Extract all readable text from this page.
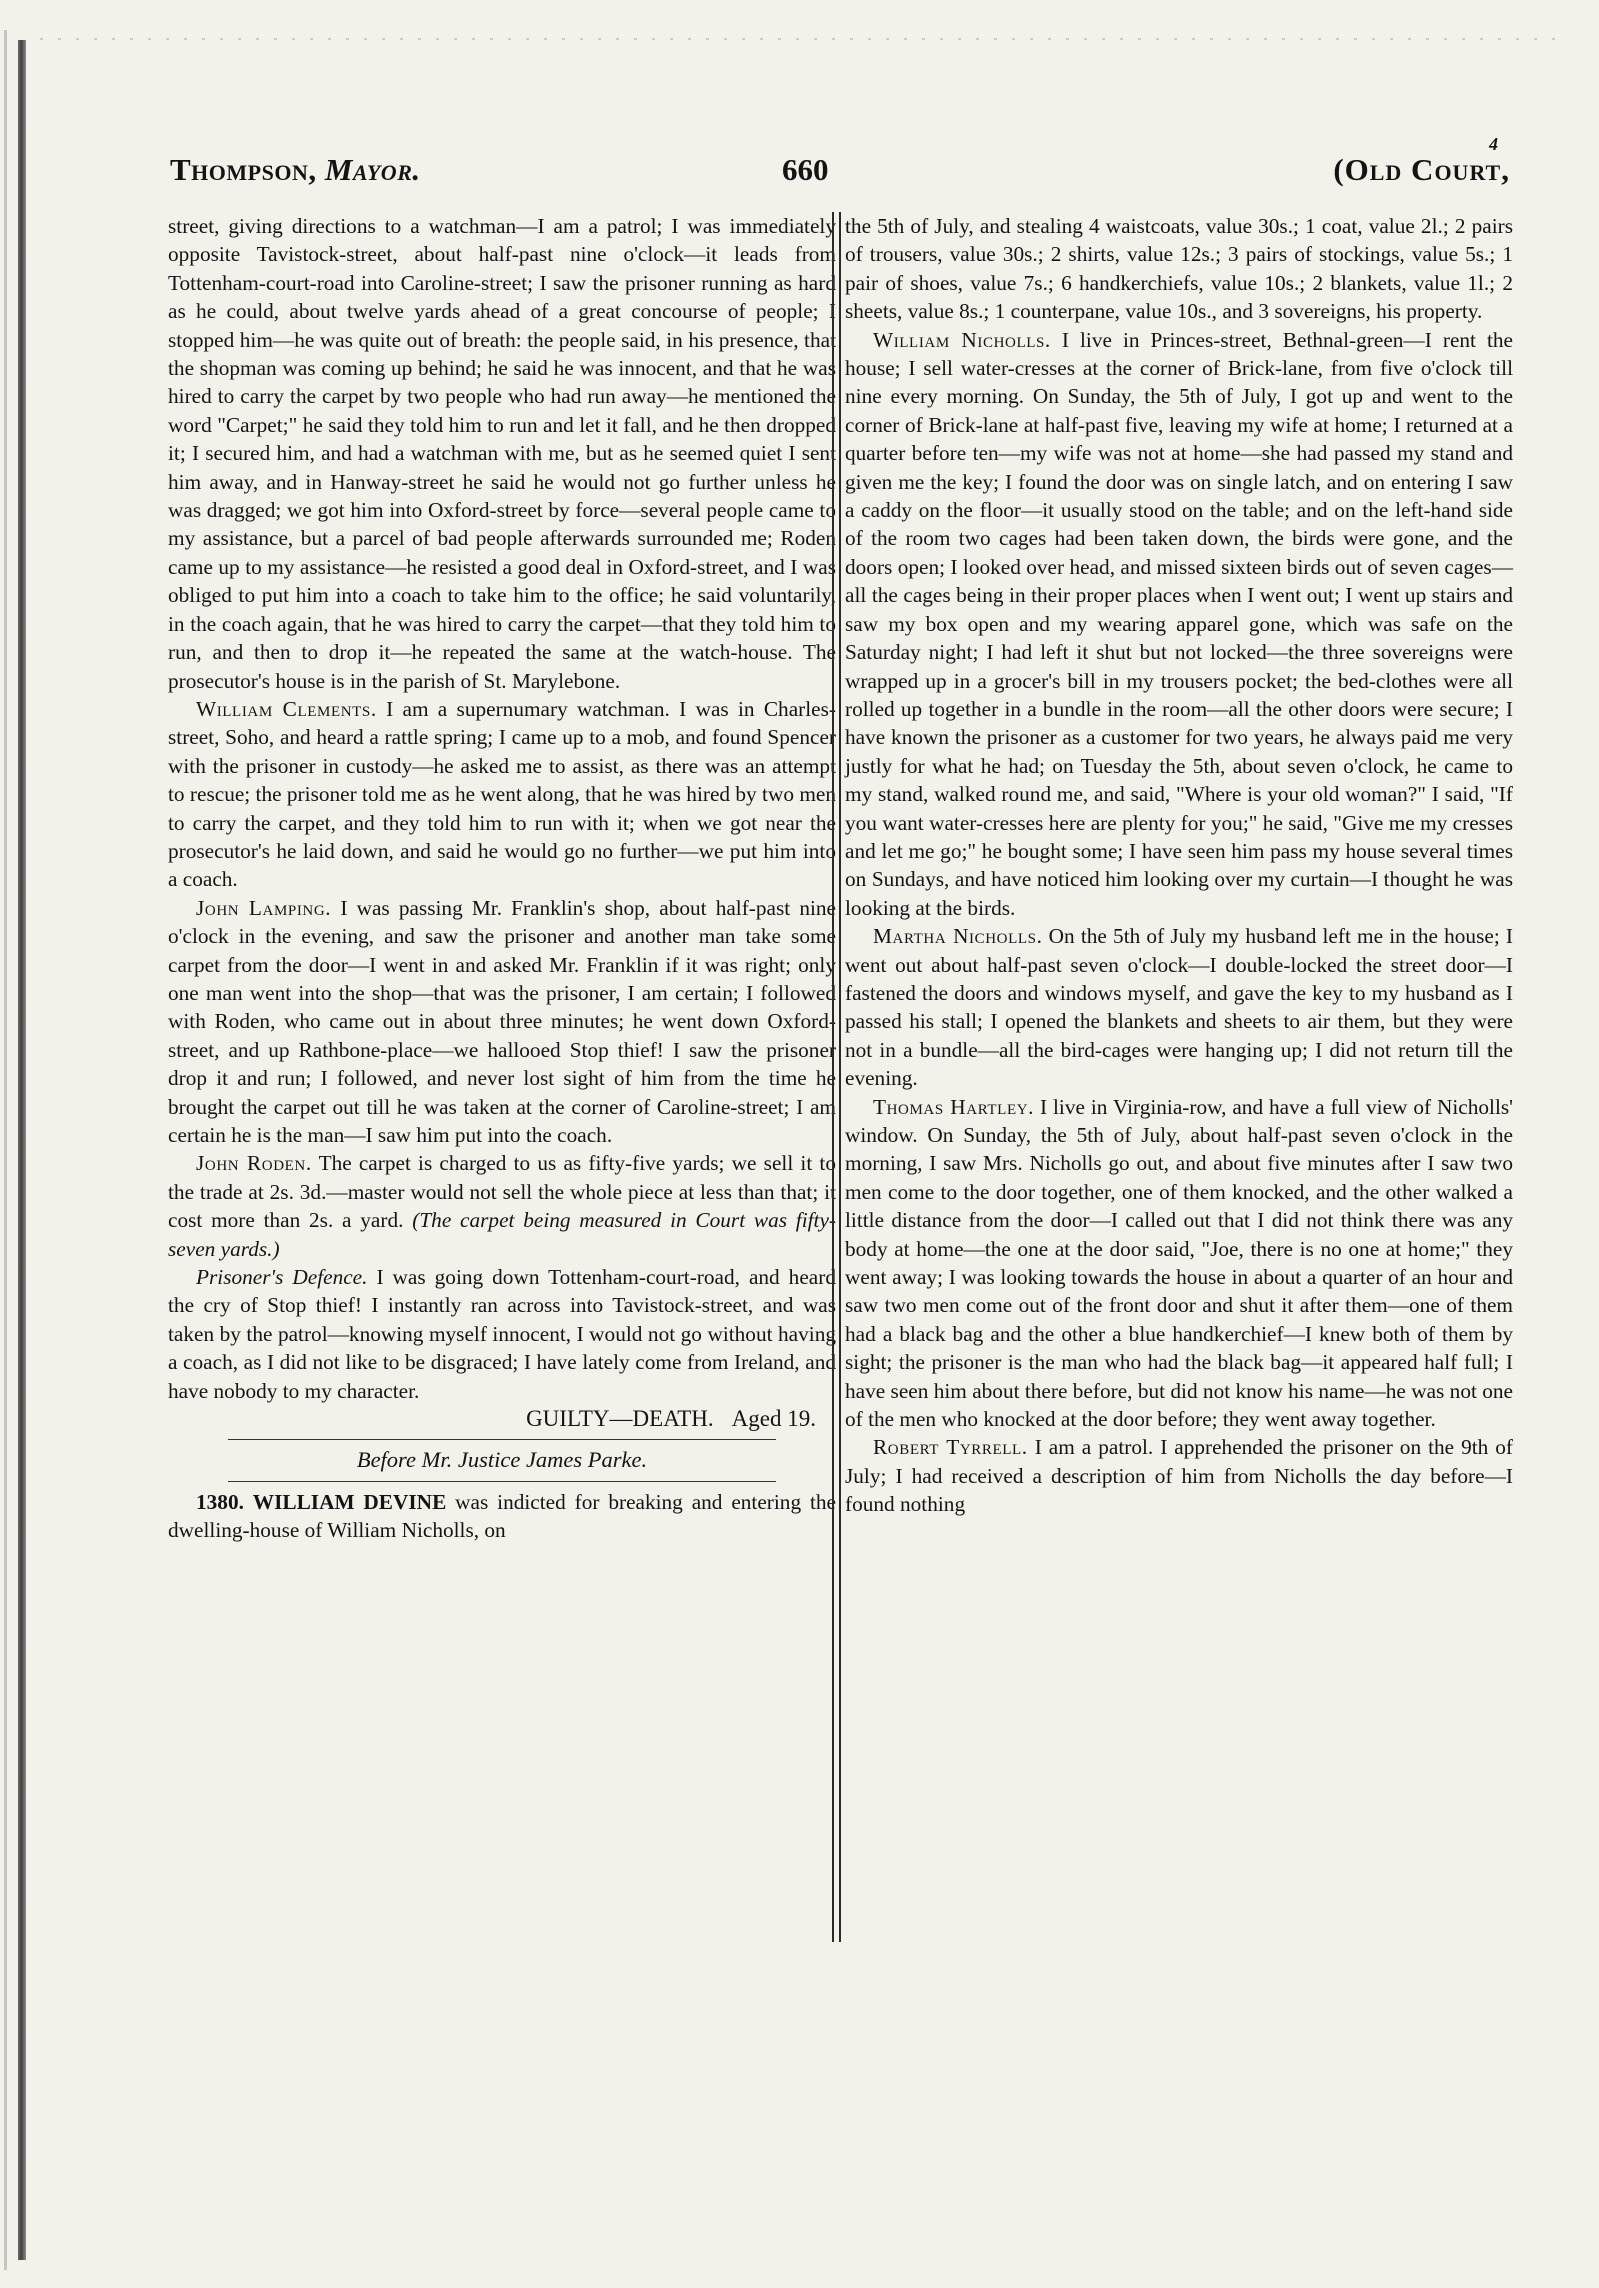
Thompson, Mayor.	660	(Old Court,
4

street, giving directions to a watchman—I am a patrol; I was immediately opposite Tavistock-street, about half-past nine o'clock—it leads from Tottenham-court-road into Caroline-street; I saw the prisoner running as hard as he could, about twelve yards ahead of a great concourse of people; I stopped him—he was quite out of breath: the people said, in his presence, that the shopman was coming up behind; he said he was innocent, and that he was hired to carry the carpet by two people who had run away—he mentioned the word "Carpet;" he said they told him to run and let it fall, and he then dropped it; I secured him, and had a watchman with me, but as he seemed quiet I sent him away, and in Hanway-street he said he would not go further unless he was dragged; we got him into Oxford-street by force—several people came to my assistance, but a parcel of bad people afterwards surrounded me; Roden came up to my assistance—he resisted a good deal in Oxford-street, and I was obliged to put him into a coach to take him to the office; he said voluntarily, in the coach again, that he was hired to carry the carpet—that they told him to run, and then to drop it—he repeated the same at the watch-house. The prosecutor's house is in the parish of St. Marylebone.

William Clements. I am a supernumary watchman. I was in Charles-street, Soho, and heard a rattle spring; I came up to a mob, and found Spencer with the prisoner in custody—he asked me to assist, as there was an attempt to rescue; the prisoner told me as he went along, that he was hired by two men to carry the carpet, and they told him to run with it; when we got near the prosecutor's he laid down, and said he would go no further—we put him into a coach.

John Lamping. I was passing Mr. Franklin's shop, about half-past nine o'clock in the evening, and saw the prisoner and another man take some carpet from the door—I went in and asked Mr. Franklin if it was right; only one man went into the shop—that was the prisoner, I am certain; I followed with Roden, who came out in about three minutes; he went down Oxford-street, and up Rathbone-place—we hallooed Stop thief! I saw the prisoner drop it and run; I followed, and never lost sight of him from the time he brought the carpet out till he was taken at the corner of Caroline-street; I am certain he is the man—I saw him put into the coach.

John Roden. The carpet is charged to us as fifty-five yards; we sell it to the trade at 2s. 3d.—master would not sell the whole piece at less than that; it cost more than 2s. a yard. (The carpet being measured in Court was fifty-seven yards.)

Prisoner's Defence. I was going down Tottenham-court-road, and heard the cry of Stop thief! I instantly ran across into Tavistock-street, and was taken by the patrol—knowing myself innocent, I would not go without having a coach, as I did not like to be disgraced; I have lately come from Ireland, and have nobody to my character.

GUILTY—DEATH. Aged 19.

Before Mr. Justice James Parke.

1380. WILLIAM DEVINE was indicted for breaking and entering the dwelling-house of William Nicholls, on

the 5th of July, and stealing 4 waistcoats, value 30s.; 1 coat, value 2l.; 2 pairs of trousers, value 30s.; 2 shirts, value 12s.; 3 pairs of stockings, value 5s.; 1 pair of shoes, value 7s.; 6 handkerchiefs, value 10s.; 2 blankets, value 1l.; 2 sheets, value 8s.; 1 counterpane, value 10s., and 3 sovereigns, his property.

William Nicholls. I live in Princes-street, Bethnal-green—I rent the house; I sell water-cresses at the corner of Brick-lane, from five o'clock till nine every morning. On Sunday, the 5th of July, I got up and went to the corner of Brick-lane at half-past five, leaving my wife at home; I returned at a quarter before ten—my wife was not at home—she had passed my stand and given me the key; I found the door was on single latch, and on entering I saw a caddy on the floor—it usually stood on the table; and on the left-hand side of the room two cages had been taken down, the birds were gone, and the doors open; I looked over head, and missed sixteen birds out of seven cages—all the cages being in their proper places when I went out; I went up stairs and saw my box open and my wearing apparel gone, which was safe on the Saturday night; I had left it shut but not locked—the three sovereigns were wrapped up in a grocer's bill in my trousers pocket; the bed-clothes were all rolled up together in a bundle in the room—all the other doors were secure; I have known the prisoner as a customer for two years, he always paid me very justly for what he had; on Tuesday the 5th, about seven o'clock, he came to my stand, walked round me, and said, "Where is your old woman?" I said, "If you want water-cresses here are plenty for you;" he said, "Give me my cresses and let me go;" he bought some; I have seen him pass my house several times on Sundays, and have noticed him looking over my curtain—I thought he was looking at the birds.

Martha Nicholls. On the 5th of July my husband left me in the house; I went out about half-past seven o'clock—I double-locked the street door—I fastened the doors and windows myself, and gave the key to my husband as I passed his stall; I opened the blankets and sheets to air them, but they were not in a bundle—all the bird-cages were hanging up; I did not return till the evening.

Thomas Hartley. I live in Virginia-row, and have a full view of Nicholls' window. On Sunday, the 5th of July, about half-past seven o'clock in the morning, I saw Mrs. Nicholls go out, and about five minutes after I saw two men come to the door together, one of them knocked, and the other walked a little distance from the door—I called out that I did not think there was any body at home—the one at the door said, "Joe, there is no one at home;" they went away; I was looking towards the house in about a quarter of an hour and saw two men come out of the front door and shut it after them—one of them had a black bag and the other a blue handkerchief—I knew both of them by sight; the prisoner is the man who had the black bag—it appeared half full; I have seen him about there before, but did not know his name—he was not one of the men who knocked at the door before; they went away together.

Robert Tyrrell. I am a patrol. I apprehended the prisoner on the 9th of July; I had received a description of him from Nicholls the day before—I found nothing
